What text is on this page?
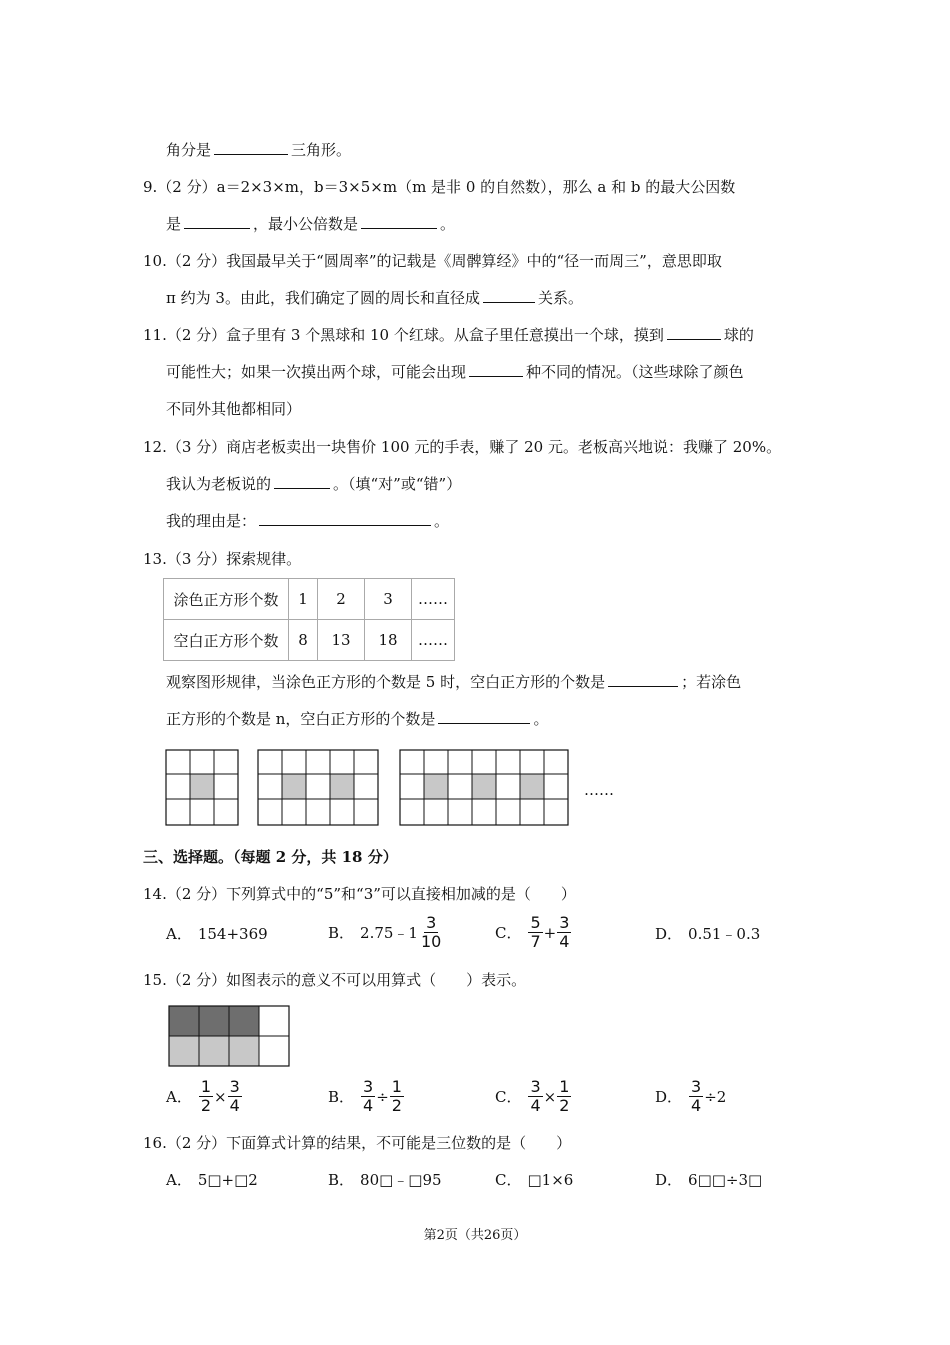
角分是	三角形。
9.（2 分）a＝2×3×m，b＝3×5×m（m 是非 0 的自然数），那么 a 和 b 的最大公因数
是	，最小公倍数是	。
10.（2 分）我国最早关于“圆周率”的记载是《周髀算经》中的“径一而周三”，意思即取
π 约为 3。由此，我们确定了圆的周长和直径成	关系。
11.（2 分）盒子里有 3 个黑球和 10 个红球。从盒子里任意摸出一个球，摸到	球的
可能性大；如果一次摸出两个球，可能会出现	种不同的情况。（这些球除了颜色
不同外其他都相同）
12.（3 分）商店老板卖出一块售价 100 元的手表，赚了 20 元。老板高兴地说：我赚了 20%。
我认为老板说的	。（填“对”或“错”）
我的理由是：	。
13.（3 分）探索规律。
涂色正方形个数	1	2	3	……
空白正方形个数	8	13	18	……
观察图形规律，当涂色正方形的个数是 5 时，空白正方形的个数是	；若涂色
正方形的个数是 n，空白正方形的个数是	。
……
三、选择题。（每题 2 分，共 18 分）
14.（2 分）下列算式中的“5”和“3”可以直接相加减的是（　　）
A． 154+369	B． 2.75﹣1 $\frac{3}{10}$	C． $\frac{5}{7} + \frac{3}{4}$	D． 0.51﹣0.3
15.（2 分）如图表示的意义不可以用算式（　　）表示。
A． $\frac{1}{2} \times \frac{3}{4}$	B． $\frac{3}{4} \div \frac{1}{2}$	C． $\frac{3}{4} \times \frac{1}{2}$	D． $\frac{3}{4} \div 2$
16.（2 分）下面算式计算的结果，不可能是三位数的是（　　）
A． 5□+□2	B． 80□﹣□95	C． □1×6	D． 6□□÷3□
第2页（共26页）
